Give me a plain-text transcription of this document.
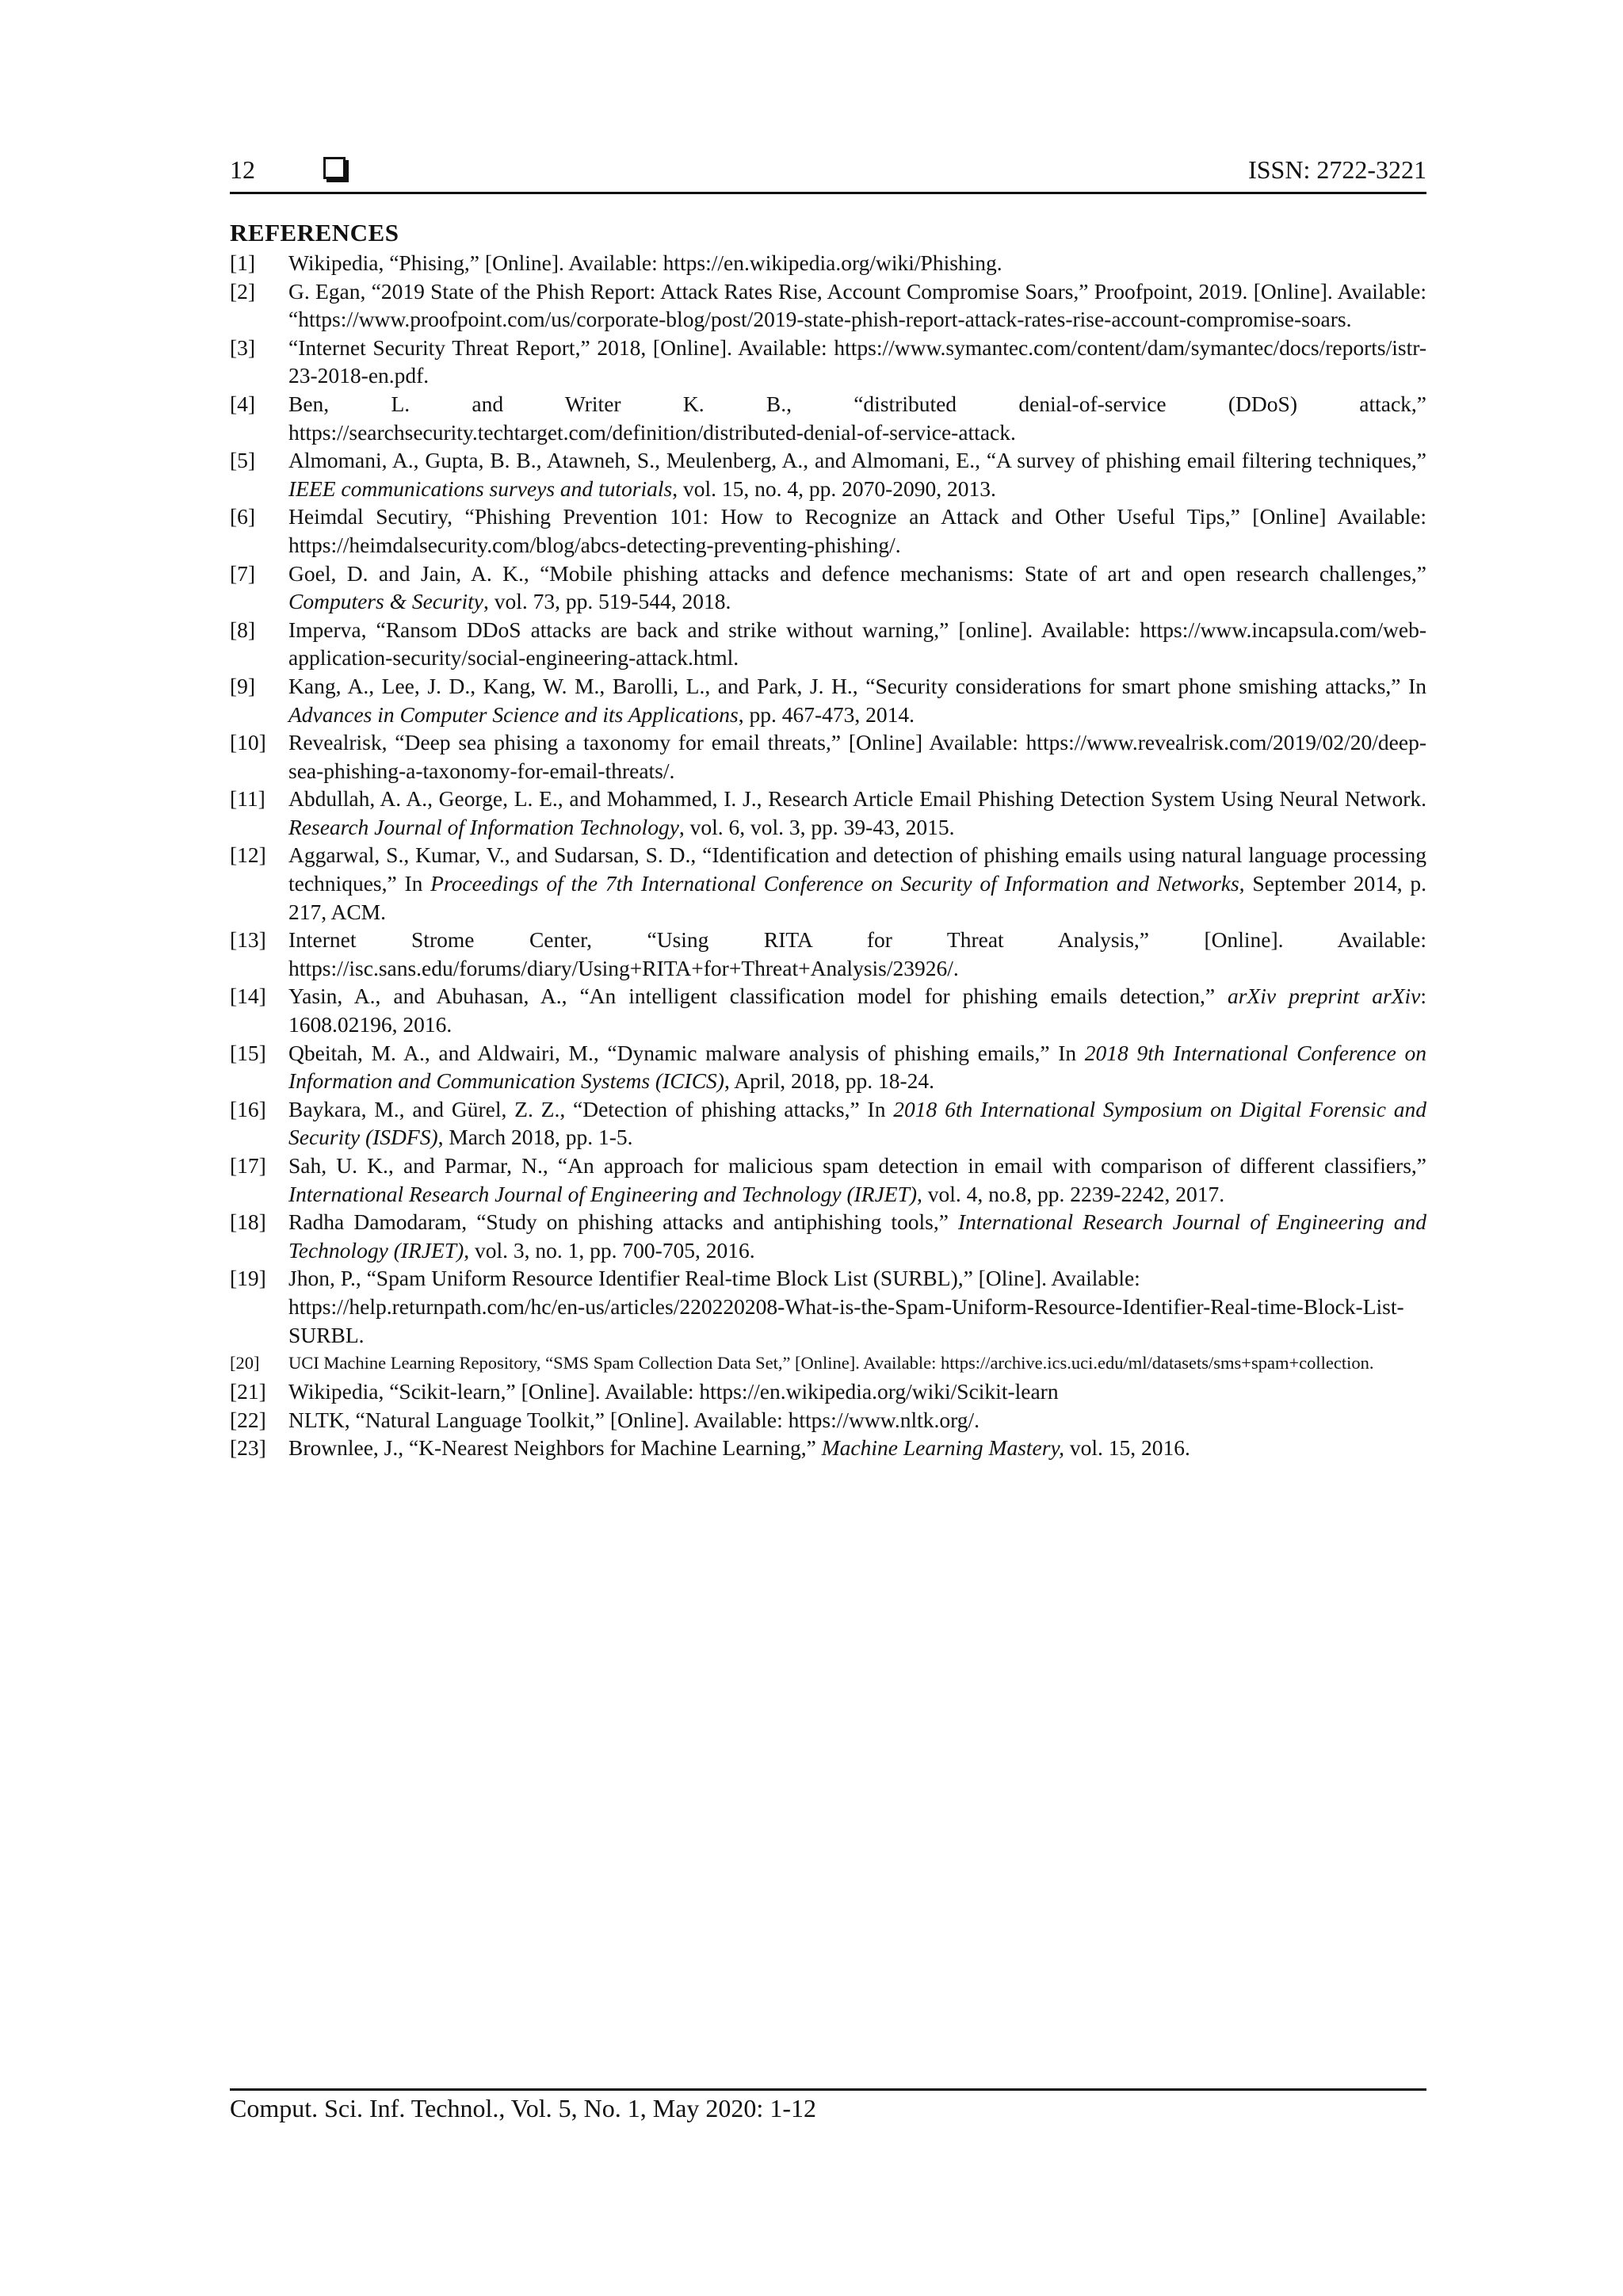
12	ISSN: 2722-3221
REFERENCES
[1] Wikipedia, “Phising,” [Online]. Available: https://en.wikipedia.org/wiki/Phishing.
[2] G. Egan, “2019 State of the Phish Report: Attack Rates Rise, Account Compromise Soars,” Proofpoint, 2019. [Online]. Available: “https://www.proofpoint.com/us/corporate-blog/post/2019-state-phish-report-attack-rates-rise-account-compromise-soars.
[3] “Internet Security Threat Report,” 2018, [Online]. Available: https://www.symantec.com/content/dam/symantec/docs/reports/istr-23-2018-en.pdf.
[4] Ben, L. and Writer K. B., “distributed denial-of-service (DDoS) attack,” https://searchsecurity.techtarget.com/definition/distributed-denial-of-service-attack.
[5] Almomani, A., Gupta, B. B., Atawneh, S., Meulenberg, A., and Almomani, E., “A survey of phishing email filtering techniques,” IEEE communications surveys and tutorials, vol. 15, no. 4, pp. 2070-2090, 2013.
[6] Heimdal Secutiry, “Phishing Prevention 101: How to Recognize an Attack and Other Useful Tips,” [Online] Available: https://heimdalsecurity.com/blog/abcs-detecting-preventing-phishing/.
[7] Goel, D. and Jain, A. K., “Mobile phishing attacks and defence mechanisms: State of art and open research challenges,” Computers & Security, vol. 73, pp. 519-544, 2018.
[8] Imperva, “Ransom DDoS attacks are back and strike without warning,” [online]. Available: https://www.incapsula.com/web-application-security/social-engineering-attack.html.
[9] Kang, A., Lee, J. D., Kang, W. M., Barolli, L., and Park, J. H., “Security considerations for smart phone smishing attacks,” In Advances in Computer Science and its Applications, pp. 467-473, 2014.
[10] Revealrisk, “Deep sea phising a taxonomy for email threats,” [Online] Available: https://www.revealrisk.com/2019/02/20/deep-sea-phishing-a-taxonomy-for-email-threats/.
[11] Abdullah, A. A., George, L. E., and Mohammed, I. J., Research Article Email Phishing Detection System Using Neural Network. Research Journal of Information Technology, vol. 6, vol. 3, pp. 39-43, 2015.
[12] Aggarwal, S., Kumar, V., and Sudarsan, S. D., “Identification and detection of phishing emails using natural language processing techniques,” In Proceedings of the 7th International Conference on Security of Information and Networks, September 2014, p. 217, ACM.
[13] Internet Strome Center, “Using RITA for Threat Analysis,” [Online]. Available: https://isc.sans.edu/forums/diary/Using+RITA+for+Threat+Analysis/23926/.
[14] Yasin, A., and Abuhasan, A., “An intelligent classification model for phishing emails detection,” arXiv preprint arXiv: 1608.02196, 2016.
[15] Qbeitah, M. A., and Aldwairi, M., “Dynamic malware analysis of phishing emails,” In 2018 9th International Conference on Information and Communication Systems (ICICS), April, 2018, pp. 18-24.
[16] Baykara, M., and Gürel, Z. Z., “Detection of phishing attacks,” In 2018 6th International Symposium on Digital Forensic and Security (ISDFS), March 2018, pp. 1-5.
[17] Sah, U. K., and Parmar, N., “An approach for malicious spam detection in email with comparison of different classifiers,” International Research Journal of Engineering and Technology (IRJET), vol. 4, no.8, pp. 2239-2242, 2017.
[18] Radha Damodaram, “Study on phishing attacks and antiphishing tools,” International Research Journal of Engineering and Technology (IRJET), vol. 3, no. 1, pp. 700-705, 2016.
[19] Jhon, P., “Spam Uniform Resource Identifier Real-time Block List (SURBL),” [Oline]. Available: https://help.returnpath.com/hc/en-us/articles/220220208-What-is-the-Spam-Uniform-Resource-Identifier-Real-time-Block-List-SURBL.
[20] UCI Machine Learning Repository, “SMS Spam Collection Data Set,” [Online]. Available: https://archive.ics.uci.edu/ml/datasets/sms+spam+collection.
[21] Wikipedia, “Scikit-learn,” [Online]. Available: https://en.wikipedia.org/wiki/Scikit-learn
[22] NLTK, “Natural Language Toolkit,” [Online]. Available: https://www.nltk.org/.
[23] Brownlee, J., “K-Nearest Neighbors for Machine Learning,” Machine Learning Mastery, vol. 15, 2016.
Comput. Sci. Inf. Technol., Vol. 5, No. 1, May 2020: 1-12
